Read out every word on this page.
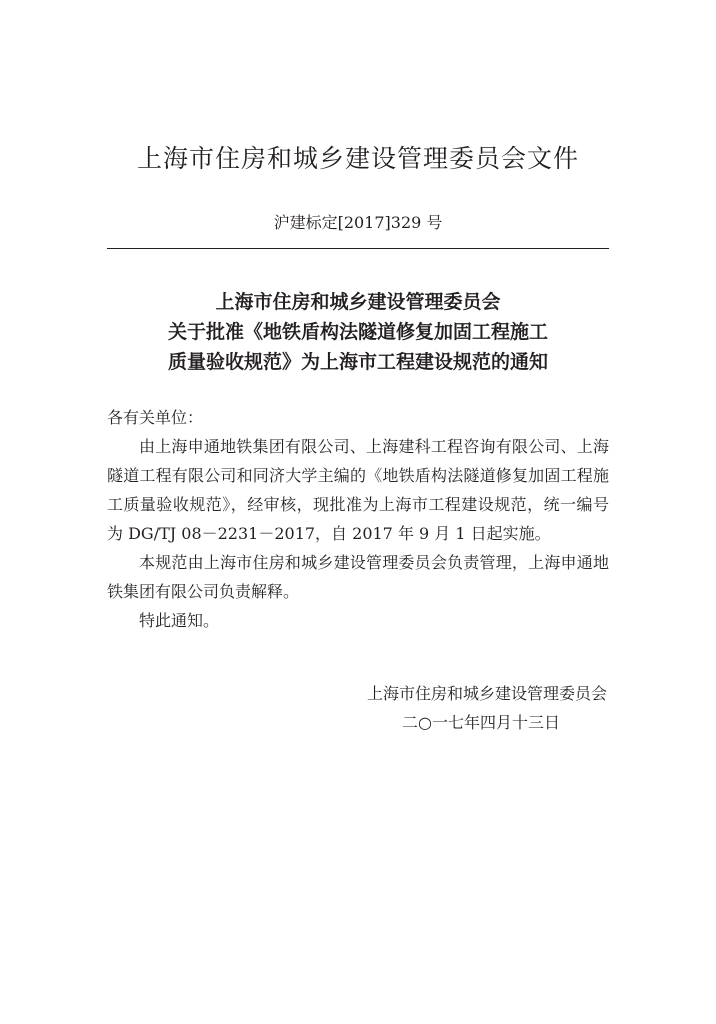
上海市住房和城乡建设管理委员会文件
沪建标定[2017]329 号
上海市住房和城乡建设管理委员会
关于批准《地铁盾构法隧道修复加固工程施工
质量验收规范》为上海市工程建设规范的通知
各有关单位：
由上海申通地铁集团有限公司、上海建科工程咨询有限公司、上海隧道工程有限公司和同济大学主编的《地铁盾构法隧道修复加固工程施工质量验收规范》，经审核，现批准为上海市工程建设规范，统一编号为 DG/TJ 08－2231－2017，自 2017 年 9 月 1 日起实施。
本规范由上海市住房和城乡建设管理委员会负责管理，上海申通地铁集团有限公司负责解释。
特此通知。
上海市住房和城乡建设管理委员会
二○一七年四月十三日
